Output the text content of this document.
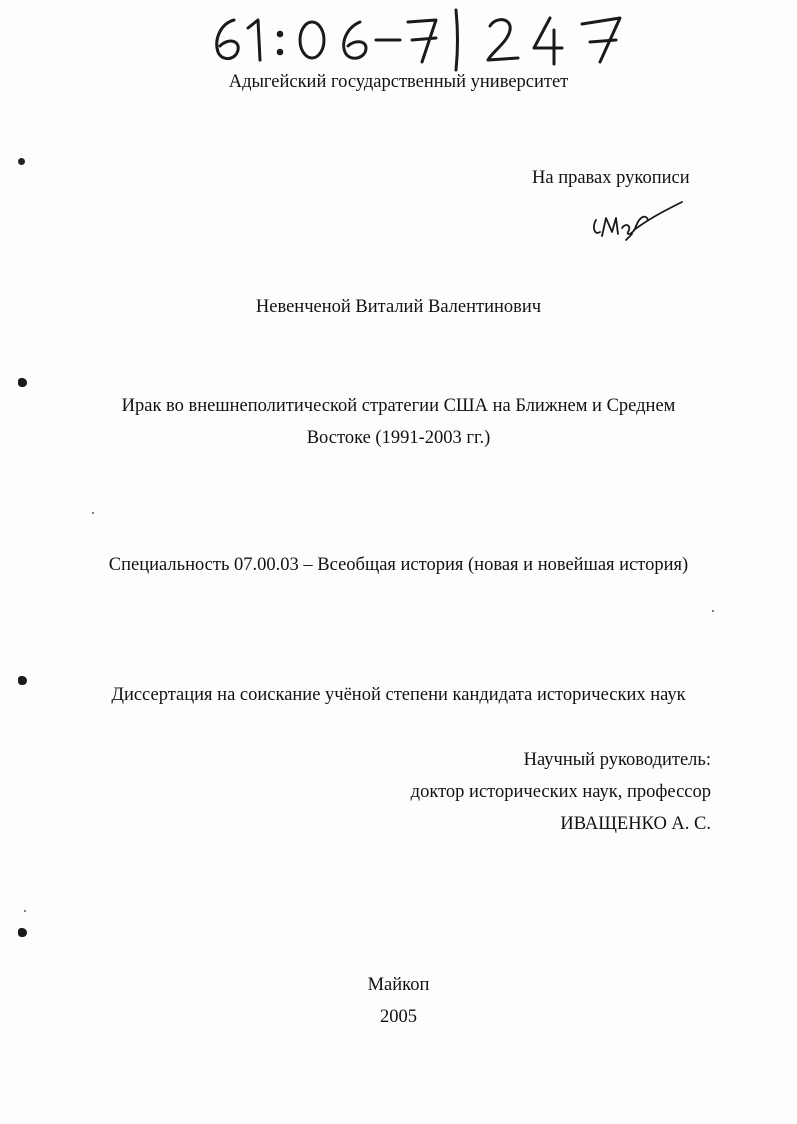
Адыгейский государственный университет
На правах рукописи
Невенченой Виталий Валентинович
Ирак во внешнеполитической стратегии США на Ближнем и Среднем
Востоке (1991-2003 гг.)
Специальность 07.00.03 – Всеобщая история (новая и новейшая история)
Диссертация на соискание учёной степени кандидата исторических наук
Научный руководитель:
доктор исторических наук, профессор
ИВАЩЕНКО А. С.
Майкоп
2005
